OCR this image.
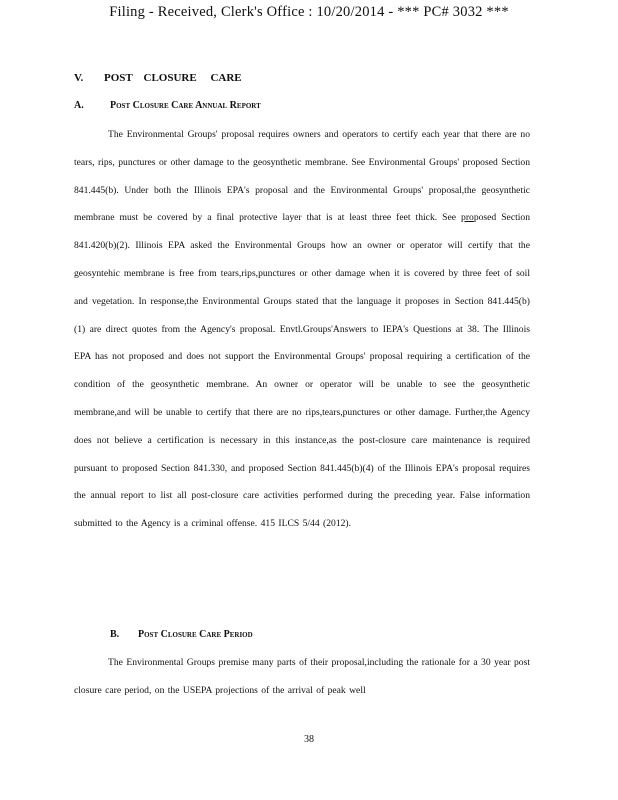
Filing - Received, Clerk's Office : 10/20/2014 - *** PC# 3032 ***
V. POST    CLOSURE     CARE
A.	Post Closure Care Annual Report
The Environmental Groups' proposal requires owners and operators to certify each year that there are no tears, rips, punctures or other damage to the geosynthetic membrane. See Environmental Groups' proposed Section 841.445(b). Under both the Illinois EPA's proposal and the Environmental Groups' proposal,the geosynthetic membrane must be covered by a final protective layer that is at least three feet thick. See proposed Section 841.420(b)(2). Illinois EPA asked the Environmental Groups how an owner or operator will certify that the geosyntehic membrane is free from tears,rips,punctures or other damage when it is covered by three feet of soil and vegetation. In response,the Environmental Groups stated that the language it proposes in Section 841.445(b)(1) are direct quotes from the Agency's proposal. Envtl.Groups'Answers to IEPA's Questions at 38. The Illinois EPA has not proposed and does not support the Environmental Groups' proposal requiring a certification of the condition of the geosynthetic membrane. An owner or operator will be unable to see the geosynthetic membrane,and will be unable to certify that there are no rips,tears,punctures or other damage. Further,the Agency does not believe a certification is necessary in this instance,as the post-closure care maintenance is required pursuant to proposed Section 841.330, and proposed Section 841.445(b)(4) of the Illinois EPA's proposal requires the annual report to list all post-closure care activities performed during the preceding year. False information submitted to the Agency is a criminal offense. 415 ILCS 5/44 (2012).
B. Post Closure Care Period
The Environmental Groups premise many parts of their proposal,including the rationale for a 30 year post closure care period, on the USEPA projections of the arrival of peak well
38
